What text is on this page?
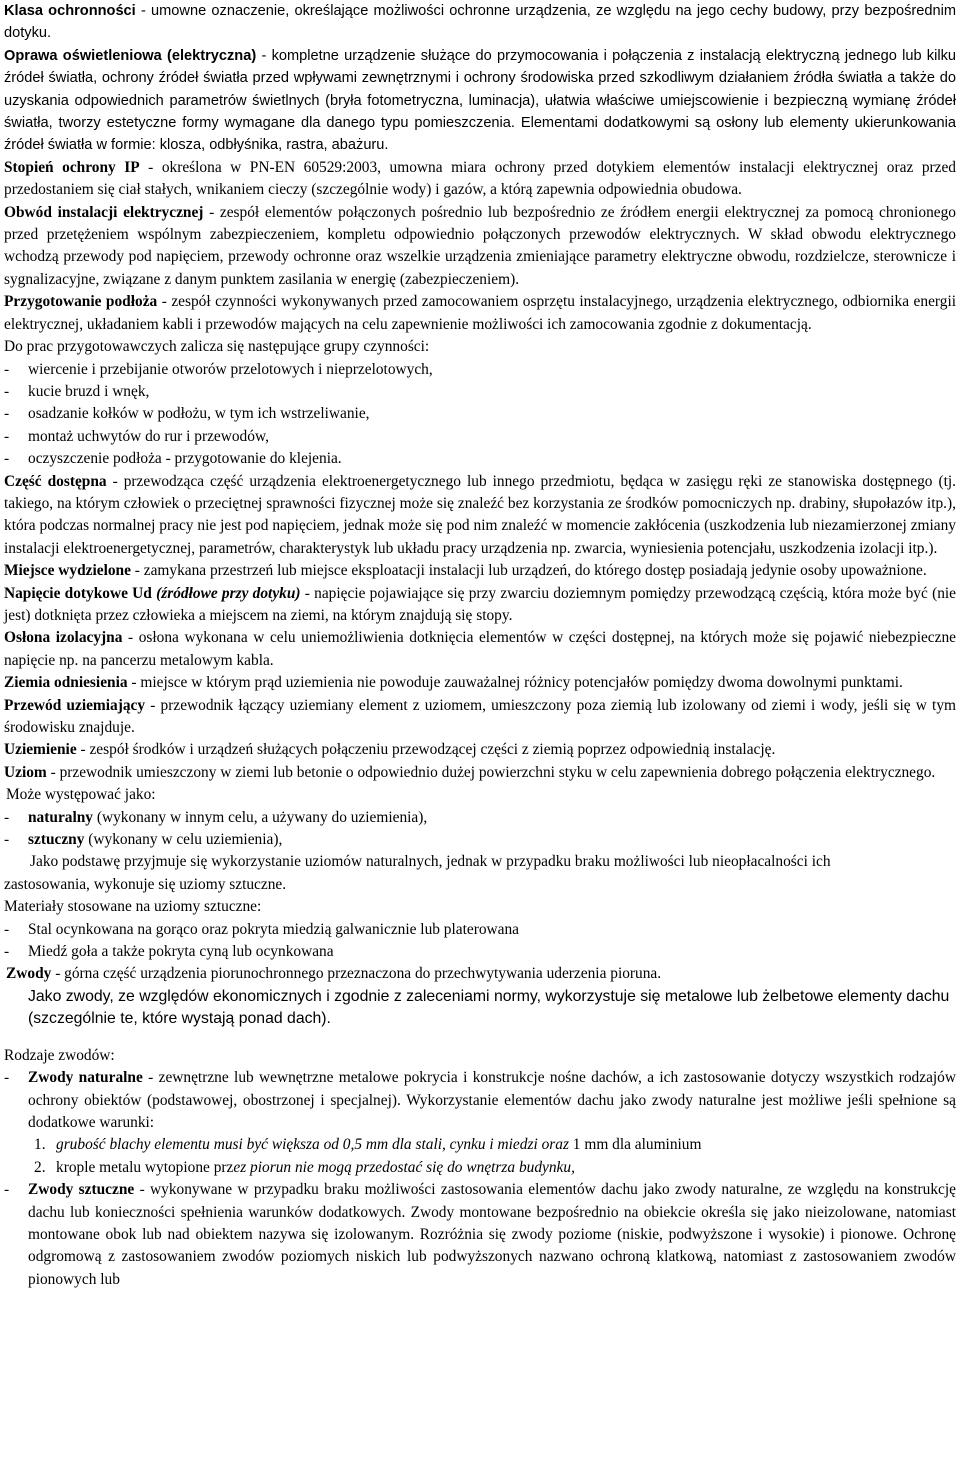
Klasa ochronności - umowne oznaczenie, określające możliwości ochronne urządzenia, ze względu na jego cechy budowy, przy bezpośrednim dotyku.

Oprawa oświetleniowa (elektryczna) - kompletne urządzenie służące do przymocowania i połączenia z instalacją elektryczną jednego lub kilku źródeł światła, ochrony źródeł światła przed wpływami zewnętrznymi i ochrony środowiska przed szkodliwym działaniem źródła światła a także do uzyskania odpowiednich parametrów świetlnych (bryła fotometryczna, luminacja), ułatwia właściwe umiejscowienie i bezpieczną wymianę źródeł światła, tworzy estetyczne formy wymagane dla danego typu pomieszczenia. Elementami dodatkowymi są osłony lub elementy ukierunkowania źródeł światła w formie: klosza, odbłyśnika, rastra, abażuru.

Stopień ochrony IP - określona w PN-EN 60529:2003, umowna miara ochrony przed dotykiem elementów instalacji elektrycznej oraz przed przedostaniem się ciał stałych, wnikaniem cieczy (szczególnie wody) i gazów, a którą zapewnia odpowiednia obudowa.

Obwód instalacji elektrycznej - zespół elementów połączonych pośrednio lub bezpośrednio ze źródłem energii elektrycznej za pomocą chronionego przed przetężeniem wspólnym zabezpieczeniem, kompletu odpowiednio połączonych przewodów elektrycznych. W skład obwodu elektrycznego wchodzą przewody pod napięciem, przewody ochronne oraz wszelkie urządzenia zmieniające parametry elektryczne obwodu, rozdzielcze, sterownicze i sygnalizacyjne, związane z danym punktem zasilania w energię (zabezpieczeniem).

Przygotowanie podłoża - zespół czynności wykonywanych przed zamocowaniem osprzętu instalacyjnego, urządzenia elektrycznego, odbiornika energii elektrycznej, układaniem kabli i przewodów mających na celu zapewnienie możliwości ich zamocowania zgodnie z dokumentacją.

Do prac przygotowawczych zalicza się następujące grupy czynności:

-	wiercenie i przebijanie otworów przelotowych i nieprzelotowych,
-	kucie bruzd i wnęk,
-	osadzanie kołków w podłożu, w tym ich wstrzeliwanie,
-	montaż uchwytów do rur i przewodów,
-	oczyszczenie podłoża - przygotowanie do klejenia.

Część dostępna - przewodząca część urządzenia elektroenergetycznego lub innego przedmiotu, będąca w zasięgu ręki ze stanowiska dostępnego (tj. takiego, na którym człowiek o przeciętnej sprawności fizycznej może się znaleźć bez korzystania ze środków pomocniczych np. drabiny, słupołazów itp.), która podczas normalnej pracy nie jest pod napięciem, jednak może się pod nim znaleźć w momencie zakłócenia (uszkodzenia lub niezamierzonej zmiany instalacji elektroenergetycznej, parametrów, charakterystyk lub układu pracy urządzenia np. zwarcia, wyniesienia potencjału, uszkodzenia izolacji itp.).

Miejsce wydzielone - zamykana przestrzeń lub miejsce eksploatacji instalacji lub urządzeń, do którego dostęp posiadają jedynie osoby upoważnione.

Napięcie dotykowe Ud (źródłowe przy dotyku) - napięcie pojawiające się przy zwarciu doziemnym pomiędzy przewodzącą częścią, która może być (nie jest) dotknięta przez człowieka a miejscem na ziemi, na którym znajdują się stopy.

Osłona izolacyjna - osłona wykonana w celu uniemożliwienia dotknięcia elementów w części dostępnej, na których może się pojawić niebezpieczne napięcie np. na pancerzu metalowym kabla.

Ziemia odniesienia - miejsce w którym prąd uziemienia nie powoduje zauważalnej różnicy potencjałów pomiędzy dwoma dowolnymi punktami.

Przewód uziemiający - przewodnik łączący uziemiany element z uziomem, umieszczony poza ziemią lub izolowany od ziemi i wody, jeśli się w tym środowisku znajduje.

Uziemienie - zespół środków i urządzeń służących połączeniu przewodzącej części z ziemią poprzez odpowiednią instalację.

Uziom - przewodnik umieszczony w ziemi lub betonie o odpowiednio dużej powierzchni styku w celu zapewnienia dobrego połączenia elektrycznego.

Może występować jako:

-	naturalny (wykonany w innym celu, a używany do uziemienia),
-	sztuczny (wykonany w celu uziemienia),

Jako podstawę przyjmuje się wykorzystanie uziomów naturalnych, jednak w przypadku braku możliwości lub nieopłacalności ich zastosowania, wykonuje się uziomy sztuczne.

Materiały stosowane na uziomy sztuczne:

-	Stal ocynkowana na gorąco oraz pokryta miedzią galwanicznie lub platerowana
-	Miedź goła a także pokryta cyną lub ocynkowana

Zwody - górna część urządzenia piorunochronnego przeznaczona do przechwytywania uderzenia pioruna.

Jako zwody, ze względów ekonomicznych i zgodnie z zaleceniami normy, wykorzystuje się metalowe lub żelbetowe elementy dachu (szczególnie te, które wystają ponad dach).

Rodzaje zwodów:

-	Zwody naturalne - zewnętrzne lub wewnętrzne metalowe pokrycia i konstrukcje nośne dachów, a ich zastosowanie dotyczy wszystkich rodzajów ochrony obiektów (podstawowej, obostrzonej i specjalnej). Wykorzystanie elementów dachu jako zwody naturalne jest możliwe jeśli spełnione są dodatkowe warunki:
1. grubość blachy elementu musi być większa od 0,5 mm dla stali, cynku i miedzi oraz 1 mm dla aluminium
2. krople metalu wytopione przez piorun nie mogą przedostać się do wnętrza budynku,
-	Zwody sztuczne - wykonywane w przypadku braku możliwości zastosowania elementów dachu jako zwody naturalne, ze względu na konstrukcję dachu lub konieczności spełnienia warunków dodatkowych. Zwody montowane bezpośrednio na obiekcie określa się jako nieizolowane, natomiast montowane obok lub nad obiektem nazywa się izolowanym. Rozróżnia się zwody poziome (niskie, podwyższone i wysokie) i pionowe. Ochronę odgromową z zastosowaniem zwodów poziomych niskich lub podwyższonych nazwano ochroną klatkową, natomiast z zastosowaniem zwodów pionowych lub
